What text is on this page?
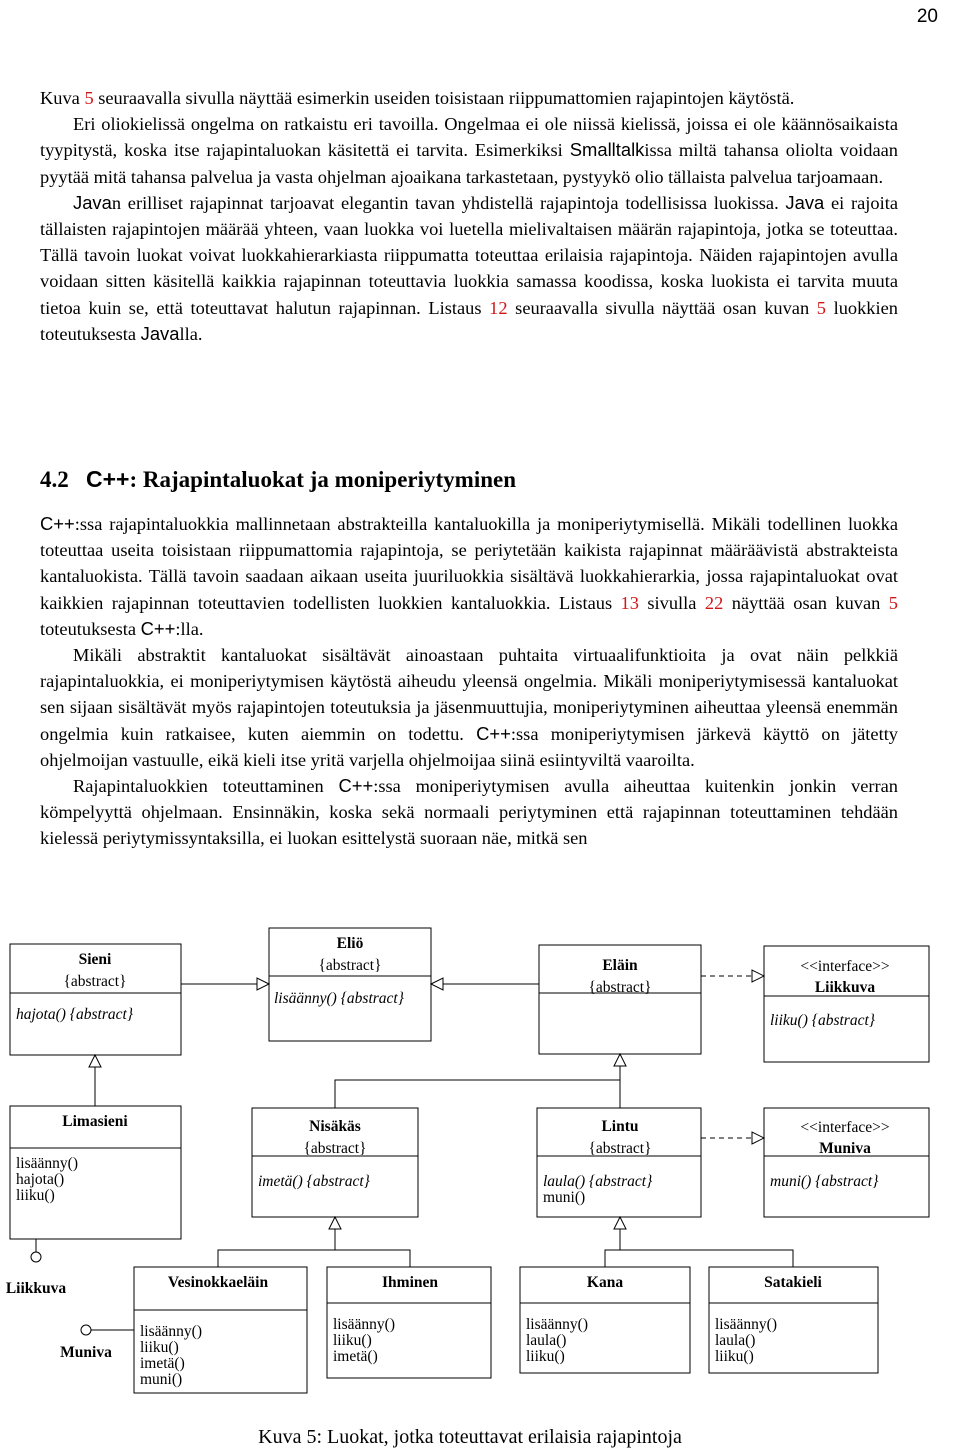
20

Kuva 5 seuraavalla sivulla näyttää esimerkin useiden toisistaan riippumattomien rajapintojen käytöstä.

Eri oliokielissä ongelma on ratkaistu eri tavoilla. Ongelmaa ei ole niissä kielissä, joissa ei ole käännösaikaista tyypitystä, koska itse rajapintaluokan käsitettä ei tarvita. Esimerkiksi Smalltalkissa miltä tahansa oliolta voidaan pyytää mitä tahansa palvelua ja vasta ohjelman ajoaikana tarkastetaan, pystyykö olio tällaista palvelua tarjoamaan.

Javan erilliset rajapinnat tarjoavat elegantin tavan yhdistellä rajapintoja todellisissa luokissa. Java ei rajoita tällaisten rajapintojen määrää yhteen, vaan luokka voi luetella mielivaltaisen määrän rajapintoja, jotka se toteuttaa. Tällä tavoin luokat voivat luokkahierarkiasta riippumatta toteuttaa erilaisia rajapintoja. Näiden rajapintojen avulla voidaan sitten käsitellä kaikkia rajapinnan toteuttavia luokkia samassa koodissa, koska luokista ei tarvita muuta tietoa kuin se, että toteuttavat halutun rajapinnan. Listaus 12 seuraavalla sivulla näyttää osan kuvan 5 luokkien toteutuksesta Javalla.

4.2 C++: Rajapintaluokat ja moniperiytyminen

C++:ssa rajapintaluokkia mallinnetaan abstrakteilla kantaluokilla ja moniperiytymisellä. Mikäli todellinen luokka toteuttaa useita toisistaan riippumattomia rajapintoja, se periytetään kaikista rajapinnat määräävistä abstrakteista kantaluokista. Tällä tavoin saadaan aikaan useita juuriluokkia sisältävä luokkahierarkia, jossa rajapintaluokat ovat kaikkien rajapinnan toteuttavien todellisten luokkien kantaluokkia. Listaus 13 sivulla 22 näyttää osan kuvan 5 toteutuksesta C++:lla.

Mikäli abstraktit kantaluokat sisältävät ainoastaan puhtaita virtuaalifunktioita ja ovat näin pelkkiä rajapintaluokkia, ei moniperiytymisen käytöstä aiheudu yleensä ongelmia. Mikäli moniperiytymisessä kantaluokat sen sijaan sisältävät myös rajapintojen toteutuksia ja jäsenmuuttujia, moniperiytyminen aiheuttaa yleensä enemmän ongelmia kuin ratkaisee, kuten aiemmin on todettu. C++:ssa moniperiytymisen järkevä käyttö on jätetty ohjelmoijan vastuulle, eikä kieli itse yritä varjella ohjelmoijaa siinä esiintyviltä vaaroilta.

Rajapintaluokkien toteuttaminen C++:ssa moniperiytymisen avulla aiheuttaa kuitenkin jonkin verran kömpelyyttä ohjelmaan. Ensinnäkin, koska sekä normaali periytyminen että rajapinnan toteuttaminen tehdään kielessä periytymissyntaksilla, ei luokan esittelystä suoraan näe, mitkä sen

Sieni
{abstract}
hajota() {abstract}
Eliö
{abstract}
lisäänny() {abstract}
Eläin
{abstract}
<<interface>>
Liikkuva
liiku() {abstract}
Limasieni
lisäänny()
hajota()
liiku()
Nisäkäs
{abstract}
imetä() {abstract}
Lintu
{abstract}
laula() {abstract}
muni()
<<interface>>
Muniva
muni() {abstract}
Vesinokkaeläin
lisäänny()
liiku()
imetä()
muni()
Ihminen
lisäänny()
liiku()
imetä()
Kana
lisäänny()
laula()
liiku()
Satakieli
lisäänny()
laula()
liiku()
Liikkuva
Muniva
Kuva 5: Luokat, jotka toteuttavat erilaisia rajapintoja
